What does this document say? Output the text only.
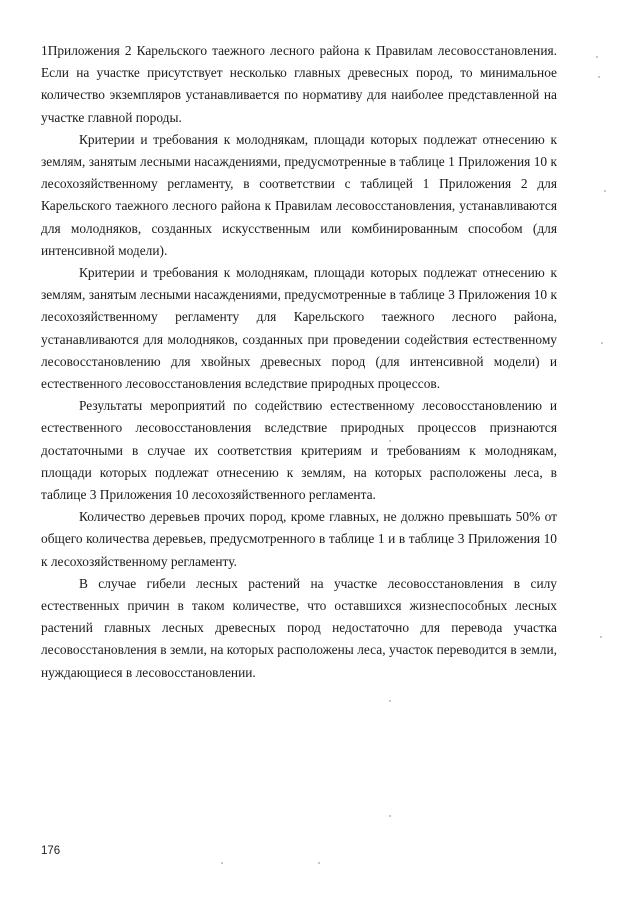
1Приложения 2 Карельского таежного лесного района к Правилам лесовосстановления. Если на участке присутствует несколько главных древесных пород, то минимальное количество экземпляров устанавливается по нормативу для наиболее представленной на участке главной породы.

Критерии и требования к молоднякам, площади которых подлежат отнесению к землям, занятым лесными насаждениями, предусмотренные в таблице 1 Приложения 10 к лесохозяйственному регламенту, в соответствии с таблицей 1 Приложения 2 для Карельского таежного лесного района к Правилам лесовосстановления, устанавливаются для молодняков, созданных искусственным или комбинированным способом (для интенсивной модели).

Критерии и требования к молоднякам, площади которых подлежат отнесению к землям, занятым лесными насаждениями, предусмотренные в таблице 3 Приложения 10 к лесохозяйственному регламенту для Карельского таежного лесного района, устанавливаются для молодняков, созданных при проведении содействия естественному лесовосстановлению для хвойных древесных пород (для интенсивной модели) и естественного лесовосстановления вследствие природных процессов.

Результаты мероприятий по содействию естественному лесовосстановлению и естественного лесовосстановления вследствие природных процессов признаются достаточными в случае их соответствия критериям и требованиям к молоднякам, площади которых подлежат отнесению к землям, на которых расположены леса, в таблице 3 Приложения 10 лесохозяйственного регламента.

Количество деревьев прочих пород, кроме главных, не должно превышать 50% от общего количества деревьев, предусмотренного в таблице 1 и в таблице 3 Приложения 10 к лесохозяйственному регламенту.

В случае гибели лесных растений на участке лесовосстановления в силу естественных причин в таком количестве, что оставшихся жизнеспособных лесных растений главных лесных древесных пород недостаточно для перевода участка лесовосстановления в земли, на которых расположены леса, участок переводится в земли, нуждающиеся в лесовосстановлении.

176
